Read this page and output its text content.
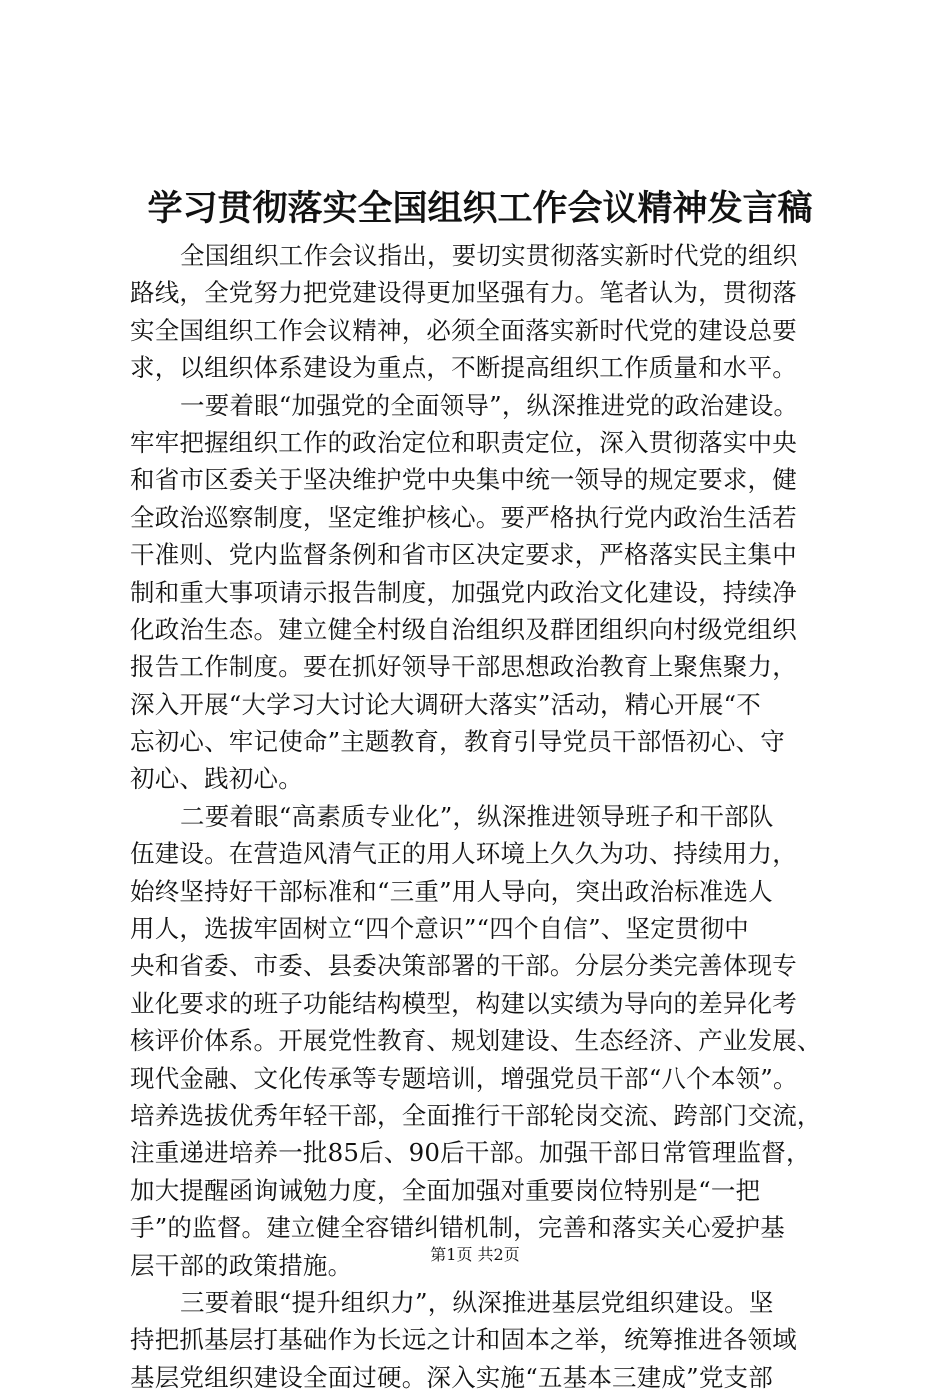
学习贯彻落实全国组织工作会议精神发言稿
全国组织工作会议指出，要切实贯彻落实新时代党的组织
路线，全党努力把党建设得更加坚强有力。笔者认为，贯彻落
实全国组织工作会议精神，必须全面落实新时代党的建设总要
求，以组织体系建设为重点，不断提高组织工作质量和水平。
一要着眼“加强党的全面领导”，纵深推进党的政治建设。
牢牢把握组织工作的政治定位和职责定位，深入贯彻落实中央
和省市区委关于坚决维护党中央集中统一领导的规定要求，健
全政治巡察制度，坚定维护核心。要严格执行党内政治生活若
干准则、党内监督条例和省市区决定要求，严格落实民主集中
制和重大事项请示报告制度，加强党内政治文化建设，持续净
化政治生态。建立健全村级自治组织及群团组织向村级党组织
报告工作制度。要在抓好领导干部思想政治教育上聚焦聚力，
深入开展“大学习大讨论大调研大落实”活动，精心开展“不
忘初心、牢记使命”主题教育，教育引导党员干部悟初心、守
初心、践初心。
二要着眼“高素质专业化”，纵深推进领导班子和干部队
伍建设。在营造风清气正的用人环境上久久为功、持续用力，
始终坚持好干部标准和“三重”用人导向，突出政治标准选人
用人，选拔牢固树立“四个意识”“四个自信”、坚定贯彻中
央和省委、市委、县委决策部署的干部。分层分类完善体现专
业化要求的班子功能结构模型，构建以实绩为导向的差异化考
核评价体系。开展党性教育、规划建设、生态经济、产业发展、
现代金融、文化传承等专题培训，增强党员干部“八个本领”。
培养选拔优秀年轻干部，全面推行干部轮岗交流、跨部门交流，
注重递进培养一批85后、90后干部。加强干部日常管理监督，
加大提醒函询诫勉力度，全面加强对重要岗位特别是“一把
手”的监督。建立健全容错纠错机制，完善和落实关心爱护基
层干部的政策措施。
三要着眼“提升组织力”，纵深推进基层党组织建设。坚
持把抓基层打基础作为长远之计和固本之举，统筹推进各领域
基层党组织建设全面过硬。深入实施“五基本三建成”党支部
第1页 共2页
